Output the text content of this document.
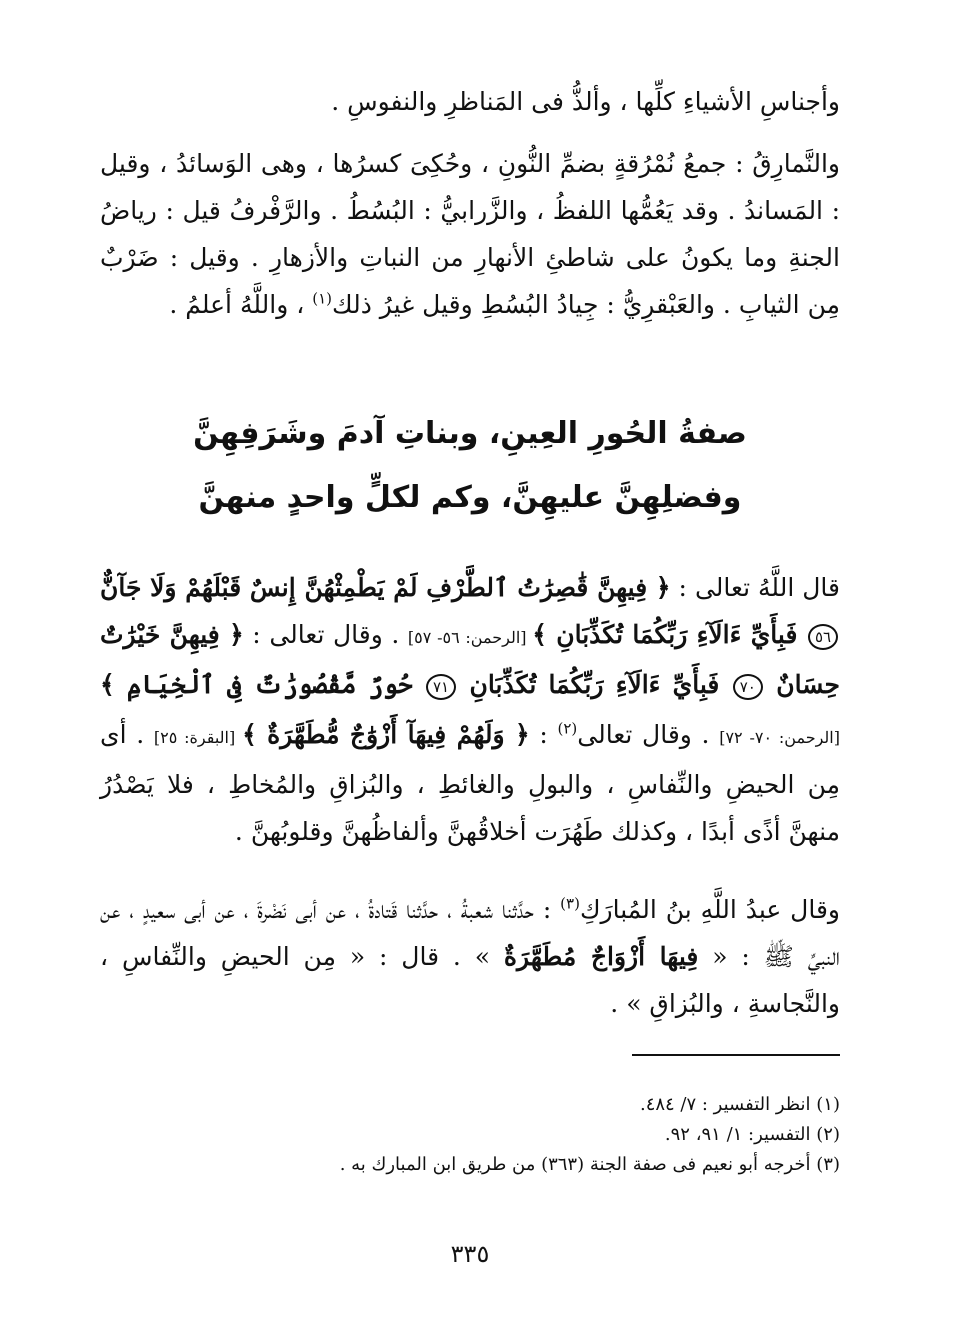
وأجناسِ الأشياءِ كلِّها ، وألذُّ فى المَناظرِ والنفوسِ .

والنَّمارِقُ : جمعُ نُمْرُقةٍ بضمِّ النُّونِ ، وحُكِىَ كسرُها ، وهى الوَسائدُ ، وقيل : المَساندُ . وقد يَعُمُّها اللفظُ ، والزَّرابيُّ : البُسُطُ . والرَّفْرفُ قيل : رياضُ الجنةِ وما يكونُ على شاطئِ الأنهارِ من النباتِ والأزهارِ . وقيل : ضَرْبٌ مِن الثيابِ . والعَبْقرِيُّ : جِيادُ البُسُطِ وقيل غيرُ ذلك$^{(١)}$ ، واللَّهُ أعلمُ .

صفةُ الحُورِ العِينِ، وبناتِ آدمَ وشَرَفِهِنَّ
وفضلِهِنَّ عليهِنَّ، وكم لكلٍّ واحدٍ منهنَّ

قال اللَّهُ تعالى : ﴿ فِيهِنَّ قَٰصِرَٰتُ ٱلطَّرْفِ لَمْ يَطْمِثْهُنَّ إِنسٌ قَبْلَهُمْ وَلَا جَآنٌّ ٥٦ فَبِأَيِّ ءَالَآءِ رَبِّكُمَا تُكَذِّبَانِ ﴾ [الرحمن: ٥٦- ٥٧] . وقال تعالى : ﴿ فِيهِنَّ خَيْرَٰتٌ حِسَانٌ ٧٠ فَبِأَيِّ ءَالَآءِ رَبِّكُمَا تُكَذِّبَانِ ٧١ حُورٌ مَّقْصُورَٰتٌ فِى ٱلْخِيَامِ ﴾ [الرحمن: ٧٠- ٧٢] . وقال تعالى$^{(٢)}$ : ﴿ وَلَهُمْ فِيهَآ أَزْوَٰجٌ مُّطَهَّرَةٌ ﴾ [البقرة: ٢٥] . أى مِن الحيضِ والنِّفاسِ ، والبولِ والغائطِ ، والبُزاقِ والمُخاطِ ، فلا يَصْدُرُ منهنَّ أذًى أبدًا ، وكذلك طَهُرَت أخلاقُهنَّ وألفاظُهنَّ وقلوبُهنَّ .

وقال عبدُ اللَّهِ بنُ المُبارَكِ$^{(٣)}$ : حدَّثنا شعبةُ ، حدَّثنا قَتادةُ ، عن أبى نَضْرةَ ، عن أبى سعيدٍ ، عن النبيِّ ﷺ : « فِيهَا أَزْوَاجٌ مُطَهَّرَةٌ » . قال : « مِن الحيضِ والنِّفاسِ ، والنَّجاسةِ ، والبُزاقِ » .

(١) انظر التفسير : ٧/ ٤٨٤.
(٢) التفسير: ١/ ٩١، ٩٢.
(٣) أخرجه أبو نعيم فى صفة الجنة (٣٦٣) من طريق ابن المبارك به .
٣٣٥
